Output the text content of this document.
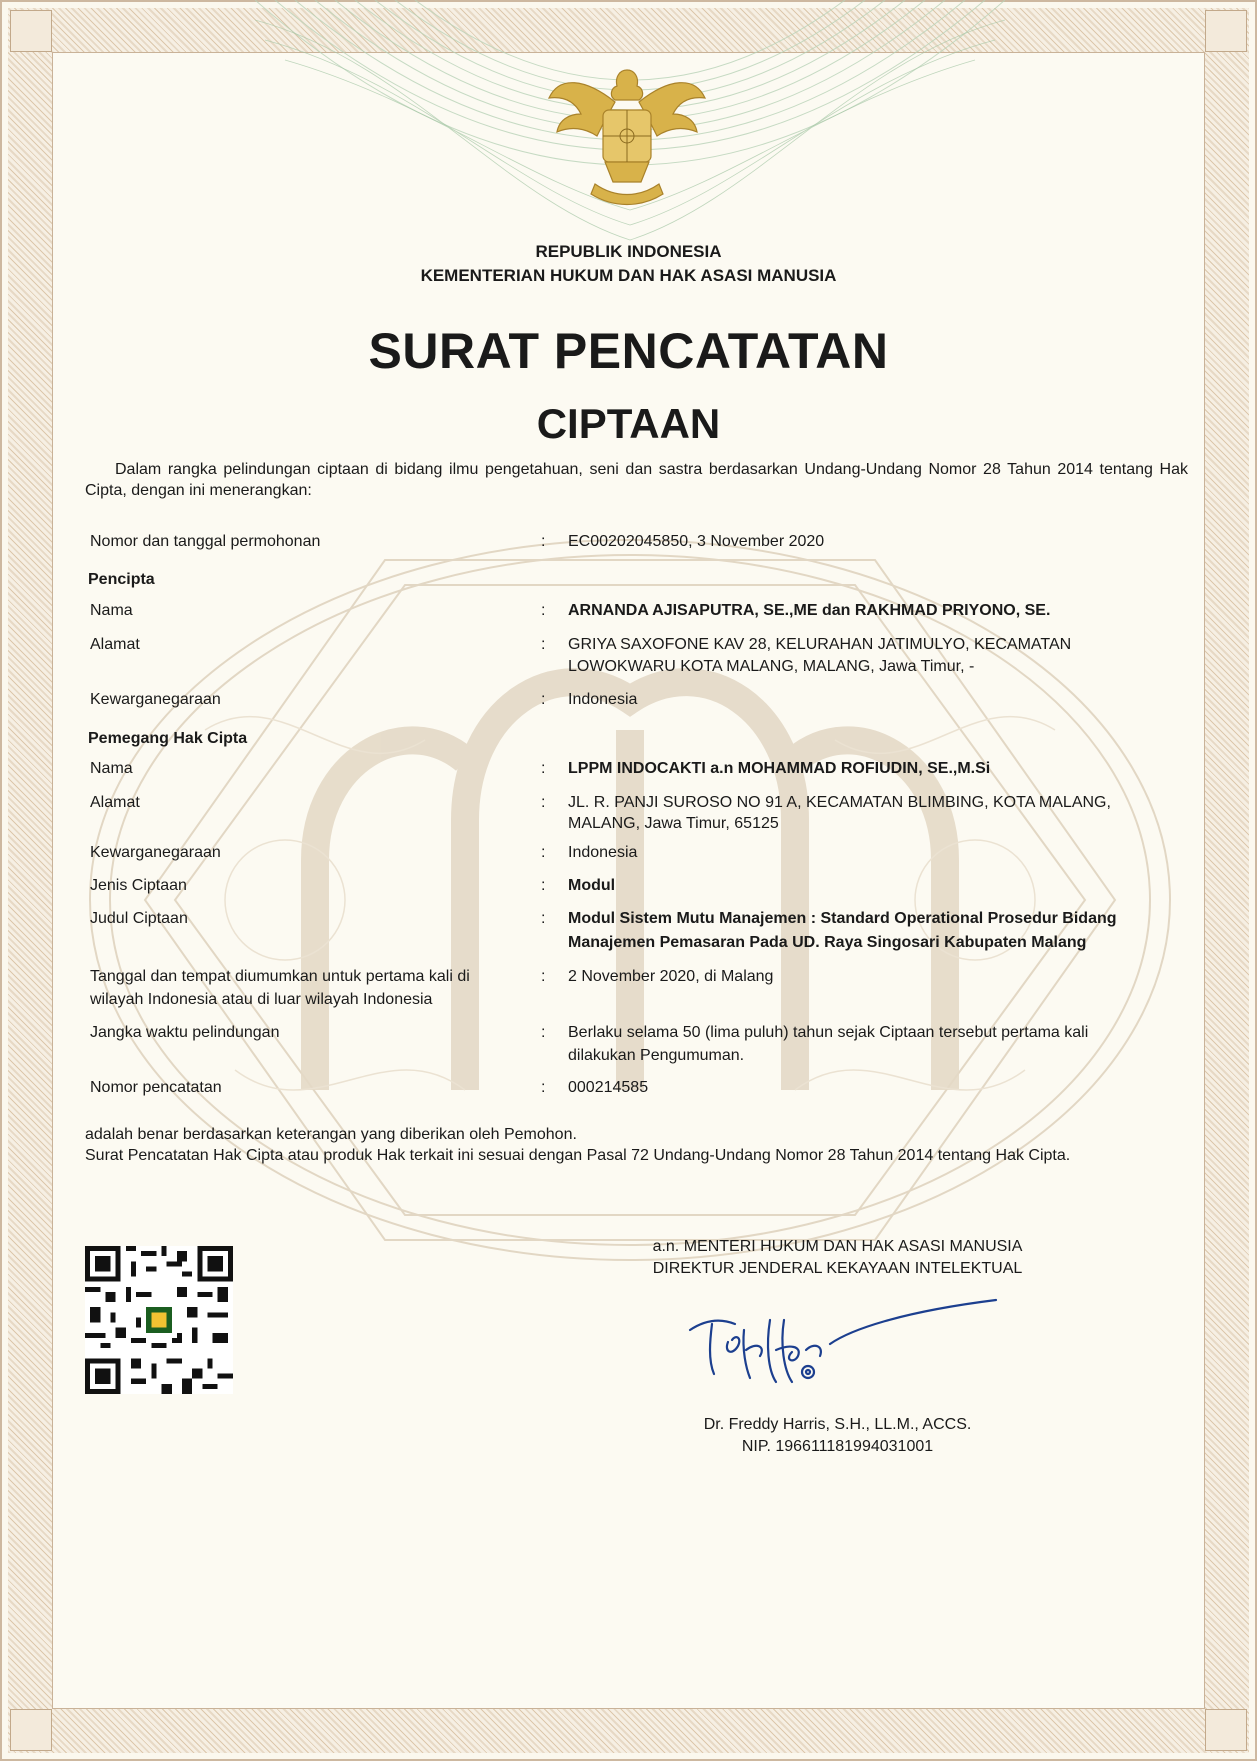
REPUBLIK INDONESIA
KEMENTERIAN HUKUM DAN HAK ASASI MANUSIA
SURAT PENCATATAN
CIPTAAN
Dalam rangka pelindungan ciptaan di bidang ilmu pengetahuan, seni dan sastra berdasarkan Undang-Undang Nomor 28 Tahun 2014 tentang Hak Cipta, dengan ini menerangkan:
Nomor dan tanggal permohonan	: EC00202045850, 3 November 2020
Pencipta
Nama	: ARNANDA AJISAPUTRA, SE.,ME dan RAKHMAD PRIYONO, SE.
Alamat	: GRIYA SAXOFONE KAV 28, KELURAHAN JATIMULYO, KECAMATAN
LOWOKWARU KOTA MALANG, MALANG, Jawa Timur, -
Kewarganegaraan	: Indonesia
Pemegang Hak Cipta
Nama	: LPPM INDOCAKTI a.n MOHAMMAD ROFIUDIN, SE.,M.Si
Alamat	: JL. R. PANJI SUROSO NO 91 A, KECAMATAN BLIMBING, KOTA MALANG,
MALANG, Jawa Timur, 65125
Kewarganegaraan	: Indonesia
Jenis Ciptaan	: Modul
Judul Ciptaan	: Modul Sistem Mutu Manajemen : Standard Operational Prosedur Bidang
Manajemen Pemasaran Pada UD. Raya Singosari Kabupaten Malang
Tanggal dan tempat diumumkan untuk pertama kali di	: 2 November 2020, di Malang
wilayah Indonesia atau di luar wilayah Indonesia
Jangka waktu pelindungan	: Berlaku selama 50 (lima puluh) tahun sejak Ciptaan tersebut pertama kali
dilakukan Pengumuman.
Nomor pencatatan	: 000214585
adalah benar berdasarkan keterangan yang diberikan oleh Pemohon.
Surat Pencatatan Hak Cipta atau produk Hak terkait ini sesuai dengan Pasal 72 Undang-Undang Nomor 28 Tahun 2014 tentang Hak Cipta.
a.n. MENTERI HUKUM DAN HAK ASASI MANUSIA
DIREKTUR JENDERAL KEKAYAAN INTELEKTUAL
Dr. Freddy Harris, S.H., LL.M., ACCS.
NIP. 196611181994031001
